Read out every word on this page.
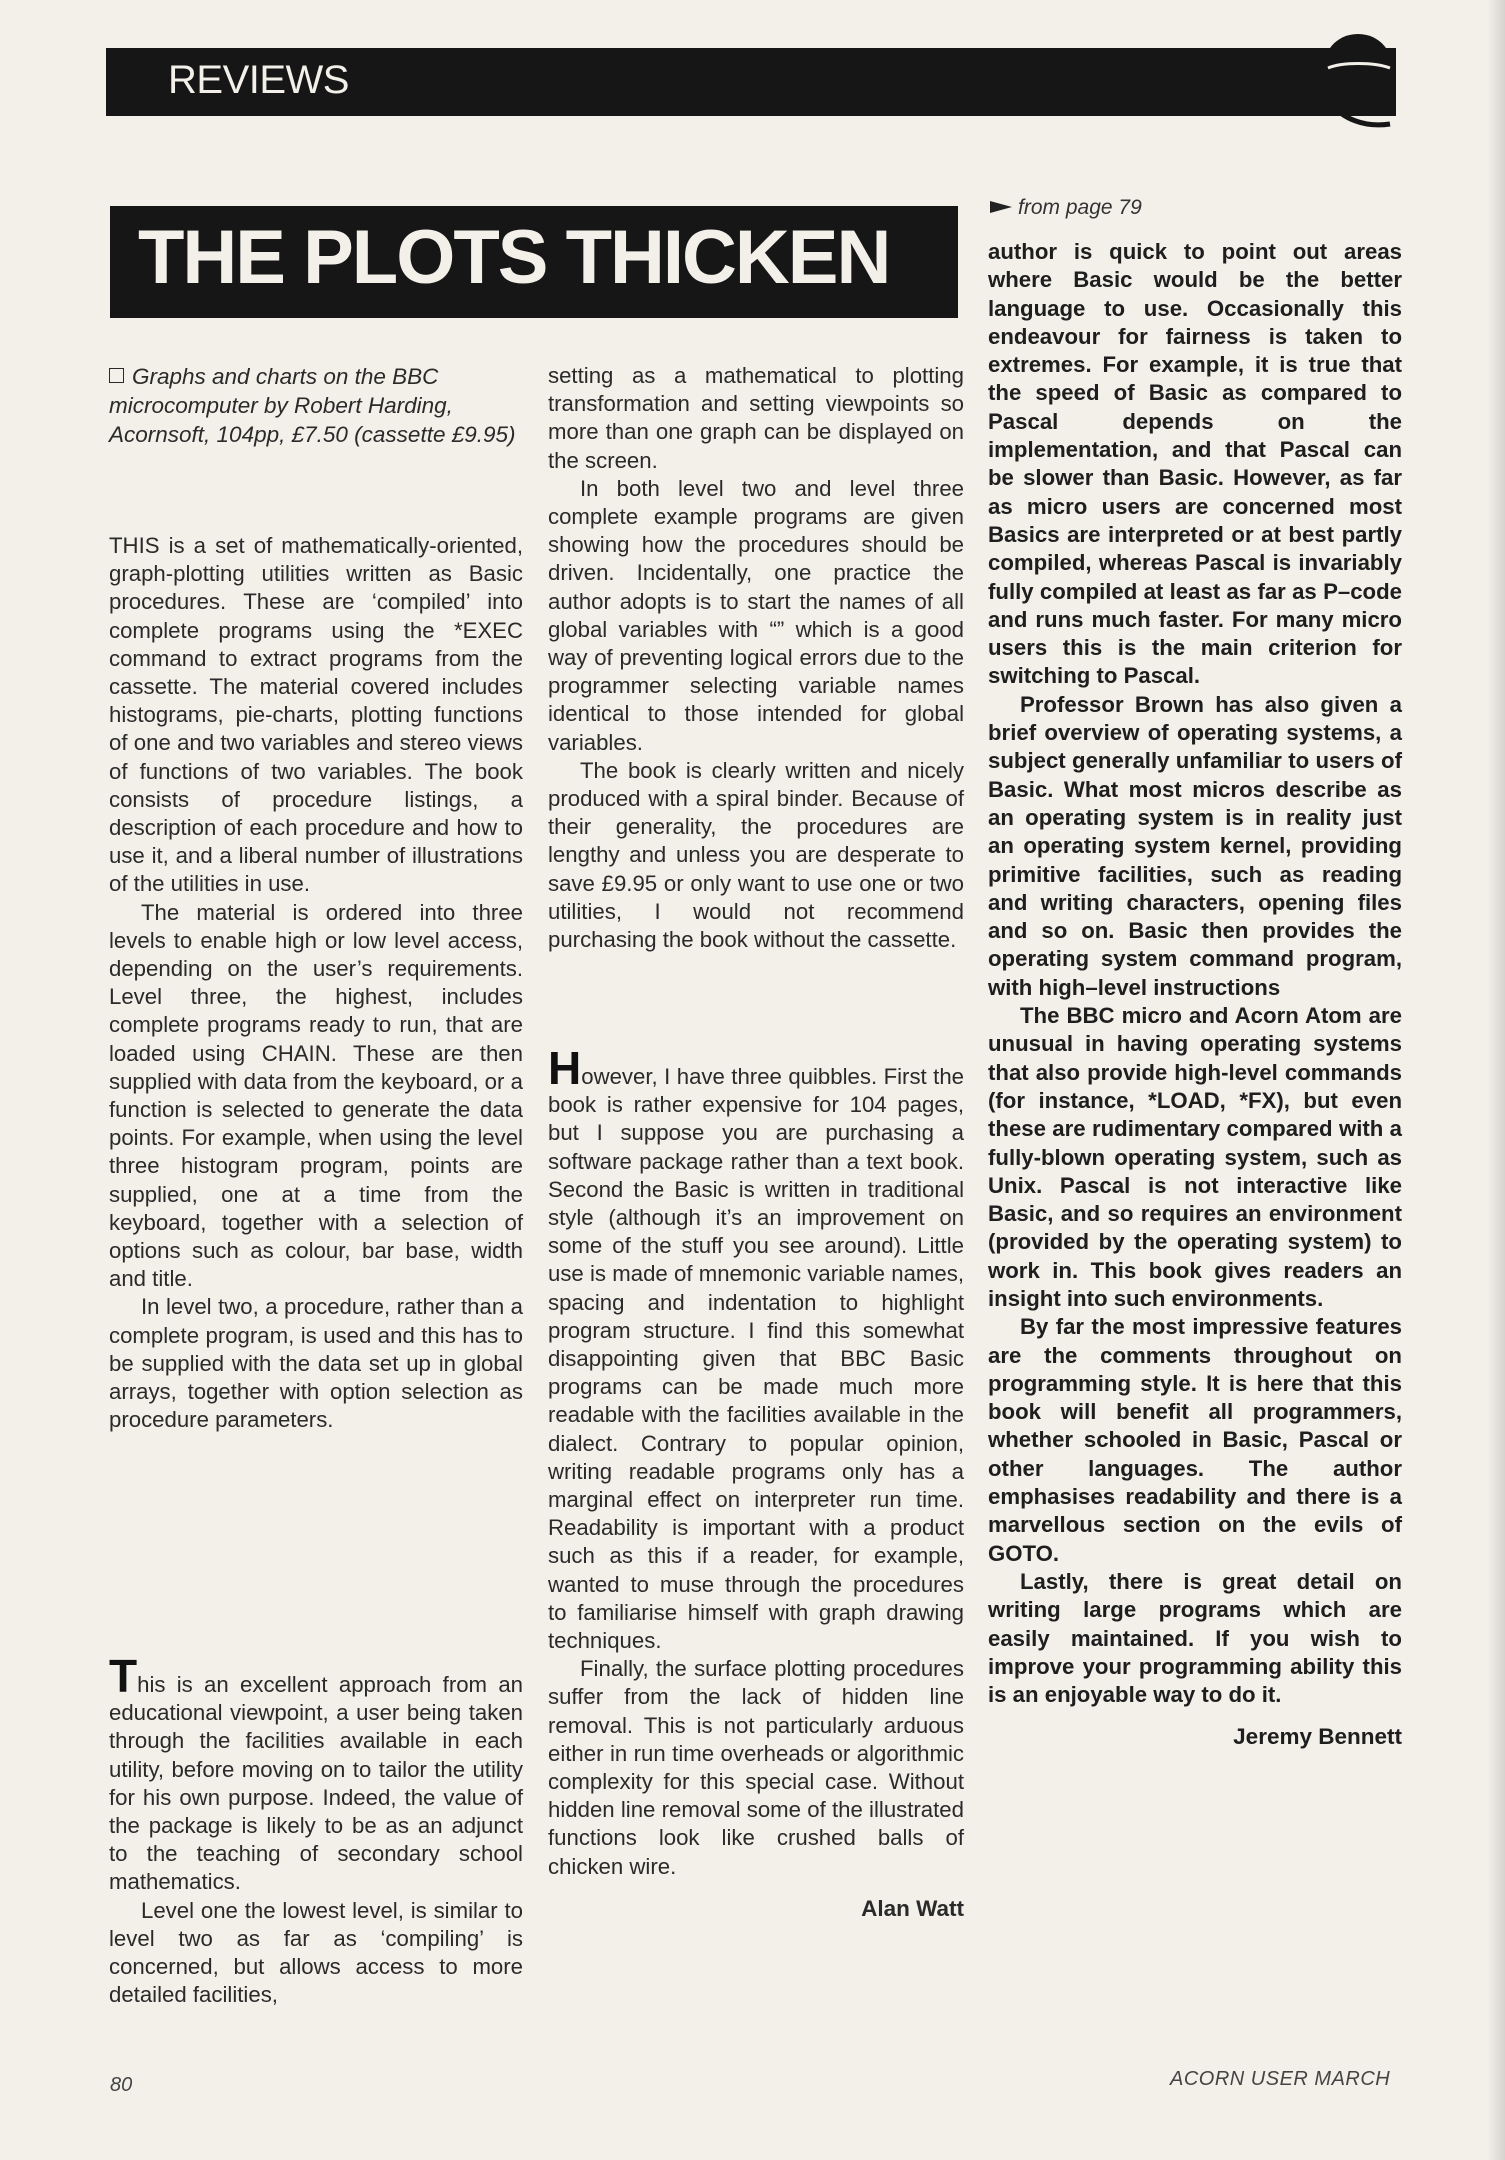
REVIEWS
THE PLOTS THICKEN

Graphs and charts on the BBC microcomputer by Robert Harding, Acornsoft, 104pp, £7.50 (cassette £9.95)

THIS is a set of mathematically-oriented, graph-plotting utilities written as Basic procedures. These are ‘compiled’ into complete programs using the *EXEC command to extract programs from the cassette. The material covered includes histograms, pie-charts, plotting functions of one and two variables and stereo views of functions of two variables. The book consists of procedure listings, a description of each procedure and how to use it, and a liberal number of illustrations of the utilities in use.

The material is ordered into three levels to enable high or low level access, depending on the user’s requirements. Level three, the highest, includes complete programs ready to run, that are loaded using CHAIN. These are then supplied with data from the keyboard, or a function is selected to generate the data points. For example, when using the level three histogram program, points are supplied, one at a time from the keyboard, together with a selection of options such as colour, bar base, width and title.

In level two, a procedure, rather than a complete program, is used and this has to be supplied with the data set up in global arrays, together with option selection as procedure parameters.

This is an excellent approach from an educational viewpoint, a user being taken through the facilities available in each utility, before moving on to tailor the utility for his own purpose. Indeed, the value of the package is likely to be as an adjunct to the teaching of secondary school mathematics.

Level one the lowest level, is similar to level two as far as ‘compiling’ is concerned, but allows access to more detailed facilities,

setting as a mathematical to plotting transformation and setting viewpoints so more than one graph can be displayed on the screen.

In both level two and level three complete example programs are given showing how the procedures should be driven. Incidentally, one practice the author adopts is to start the names of all global variables with “” which is a good way of preventing logical errors due to the programmer selecting variable names identical to those intended for global variables.

The book is clearly written and nicely produced with a spiral binder. Because of their generality, the procedures are lengthy and unless you are desperate to save £9.95 or only want to use one or two utilities, I would not recommend purchasing the book without the cassette.

However, I have three quibbles. First the book is rather expensive for 104 pages, but I suppose you are purchasing a software package rather than a text book. Second the Basic is written in traditional style (although it’s an improvement on some of the stuff you see around). Little use is made of mnemonic variable names, spacing and indentation to highlight program structure. I find this somewhat disappointing given that BBC Basic programs can be made much more readable with the facilities available in the dialect. Contrary to popular opinion, writing readable programs only has a marginal effect on interpreter run time. Readability is important with a product such as this if a reader, for example, wanted to muse through the procedures to familiarise himself with graph drawing techniques.

Finally, the surface plotting procedures suffer from the lack of hidden line removal. This is not particularly arduous either in run time overheads or algorithmic complexity for this special case. Without hidden line removal some of the illustrated functions look like crushed balls of chicken wire.

Alan Watt

from page 79

author is quick to point out areas where Basic would be the better language to use. Occasionally this endeavour for fairness is taken to extremes. For example, it is true that the speed of Basic as compared to Pascal depends on the implementation, and that Pascal can be slower than Basic. However, as far as micro users are concerned most Basics are interpreted or at best partly compiled, whereas Pascal is invariably fully compiled at least as far as P–code and runs much faster. For many micro users this is the main criterion for switching to Pascal.

Professor Brown has also given a brief overview of operating systems, a subject generally unfamiliar to users of Basic. What most micros describe as an operating system is in reality just an operating system kernel, providing primitive facilities, such as reading and writing characters, opening files and so on. Basic then provides the operating system command program, with high–level instructions

The BBC micro and Acorn Atom are unusual in having operating systems that also provide high-level commands (for instance, *LOAD, *FX), but even these are rudimentary compared with a fully-blown operating system, such as Unix. Pascal is not interactive like Basic, and so requires an environment (provided by the operating system) to work in. This book gives readers an insight into such environments.

By far the most impressive features are the comments throughout on programming style. It is here that this book will benefit all programmers, whether schooled in Basic, Pascal or other languages. The author emphasises readability and there is a marvellous section on the evils of GOTO.

Lastly, there is great detail on writing large programs which are easily maintained. If you wish to improve your programming ability this is an enjoyable way to do it.

Jeremy Bennett

80	ACORN USER MARCH
